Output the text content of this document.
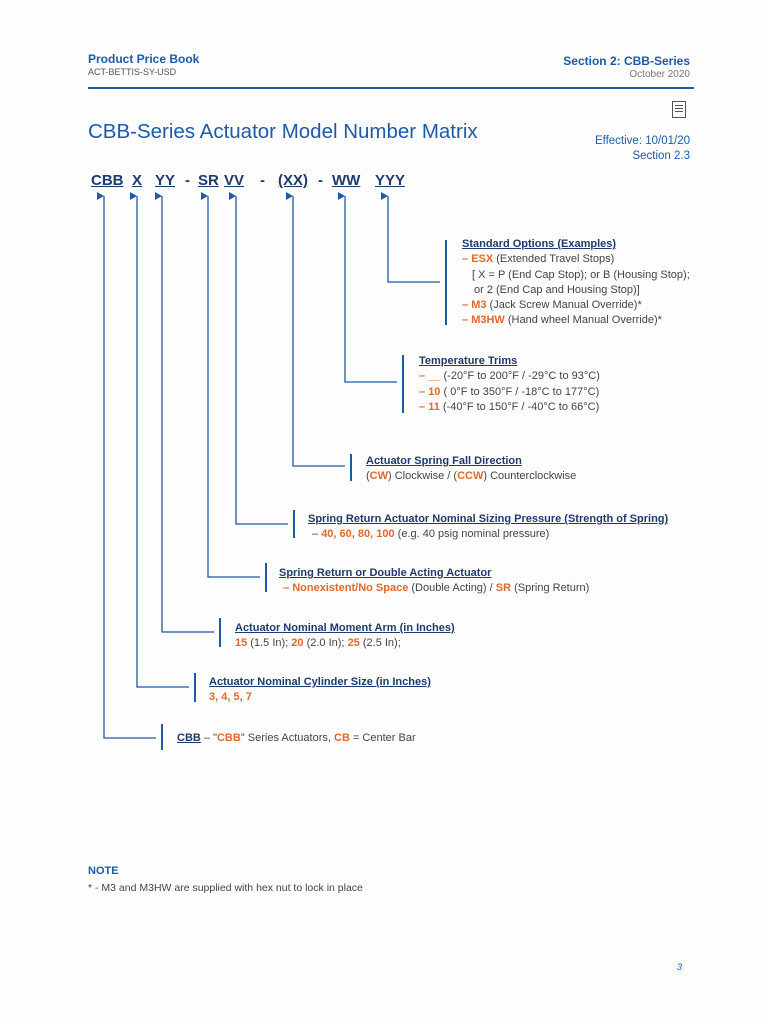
Product Price Book
ACT-BETTIS-SY-USD
Section 2: CBB-Series
October 2020
CBB-Series Actuator Model Number Matrix	Effective: 10/01/20
Section 2.3
CBB X YY - SR VV - (XX) - WW YYY
Standard Options (Examples)
– ESX (Extended Travel Stops)
[ X = P (End Cap Stop); or B (Housing Stop);
or 2 (End Cap and Housing Stop)]
– M3 (Jack Screw Manual Override)*
– M3HW (Hand wheel Manual Override)*
Temperature Trims
– __ (-20°F to 200°F / -29°C to 93°C)
– 10 ( 0°F to 350°F / -18°C to 177°C)
– 11 (-40°F to 150°F / -40°C to 66°C)
Actuator Spring Fall Direction
(CW) Clockwise / (CCW) Counterclockwise
Spring Return Actuator Nominal Sizing Pressure (Strength of Spring)
– 40, 60, 80, 100 (e.g. 40 psig nominal pressure)
Spring Return or Double Acting Actuator
– Nonexistent/No Space (Double Acting) / SR (Spring Return)
Actuator Nominal Moment Arm (in Inches)
15 (1.5 In); 20 (2.0 In); 25 (2.5 In);
Actuator Nominal Cylinder Size (in Inches)
3, 4, 5, 7
CBB – "CBB" Series Actuators, CB = Center Bar
NOTE
* - M3 and M3HW are supplied with hex nut to lock in place
3
